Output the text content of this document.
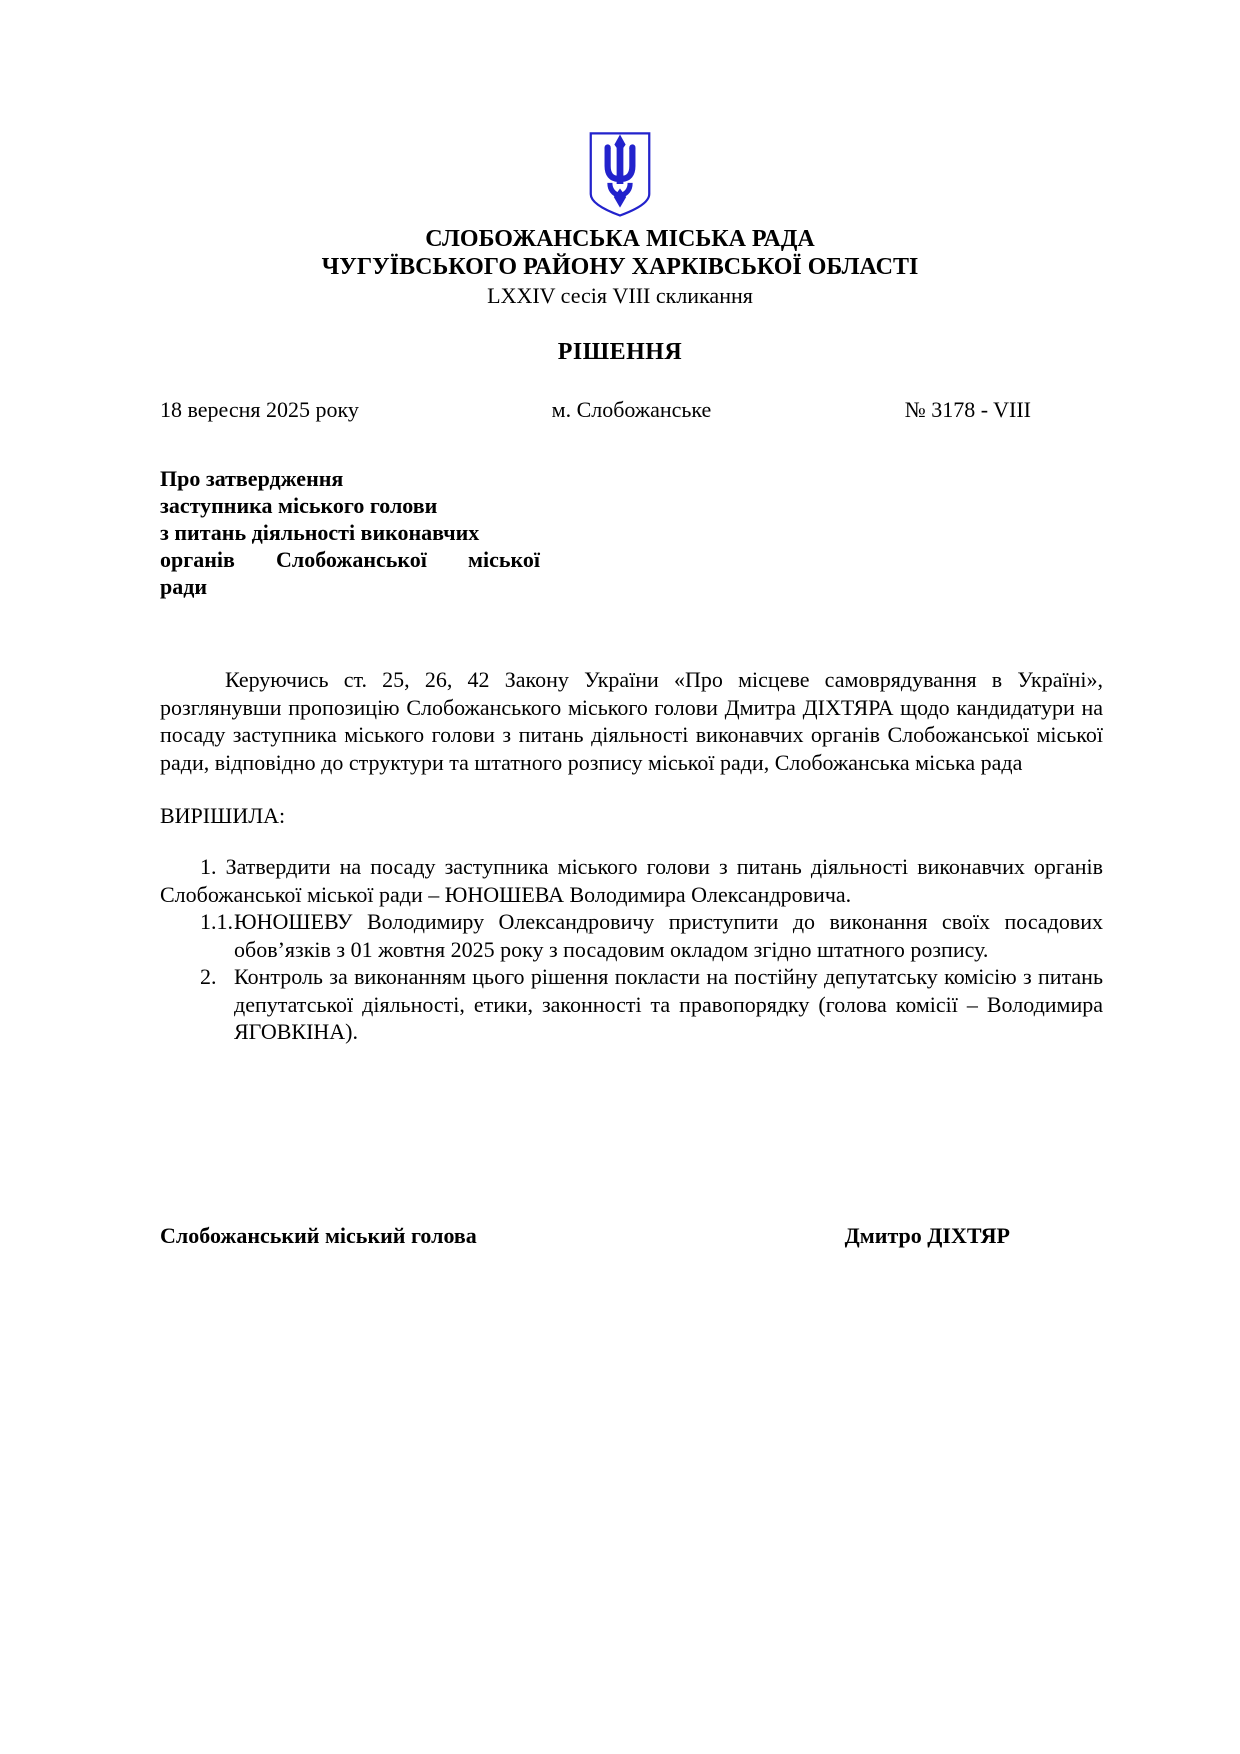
СЛОБОЖАНСЬКА МІСЬКА РАДА
ЧУГУЇВСЬКОГО РАЙОНУ ХАРКІВСЬКОЇ ОБЛАСТІ
LXXIV сесія VIII скликання
РІШЕННЯ
18 вересня 2025 року	м. Слобожанське	№ 3178 - VIII
Про затвердження
заступника міського голови
з питань діяльності виконавчих
органів Слобожанської міської
ради
Керуючись ст. 25, 26, 42 Закону України «Про місцеве самоврядування в Україні», розглянувши пропозицію Слобожанського міського голови Дмитра ДІХТЯРА щодо кандидатури на посаду заступника міського голови з питань діяльності виконавчих органів Слобожанської міської ради, відповідно до структури та штатного розпису міської ради, Слобожанська міська рада
ВИРІШИЛА:
1. Затвердити на посаду заступника міського голови з питань діяльності виконавчих органів Слобожанської міської ради – ЮНОШЕВА Володимира Олександровича.
1.1. ЮНОШЕВУ Володимиру Олександровичу приступити до виконання своїх посадових обов’язків з 01 жовтня 2025 року з посадовим окладом згідно штатного розпису.
2. Контроль за виконанням цього рішення покласти на постійну депутатську комісію з питань депутатської діяльності, етики, законності та правопорядку (голова комісії – Володимира ЯГОВКІНА).
Слобожанський міський голова	Дмитро ДІХТЯР
